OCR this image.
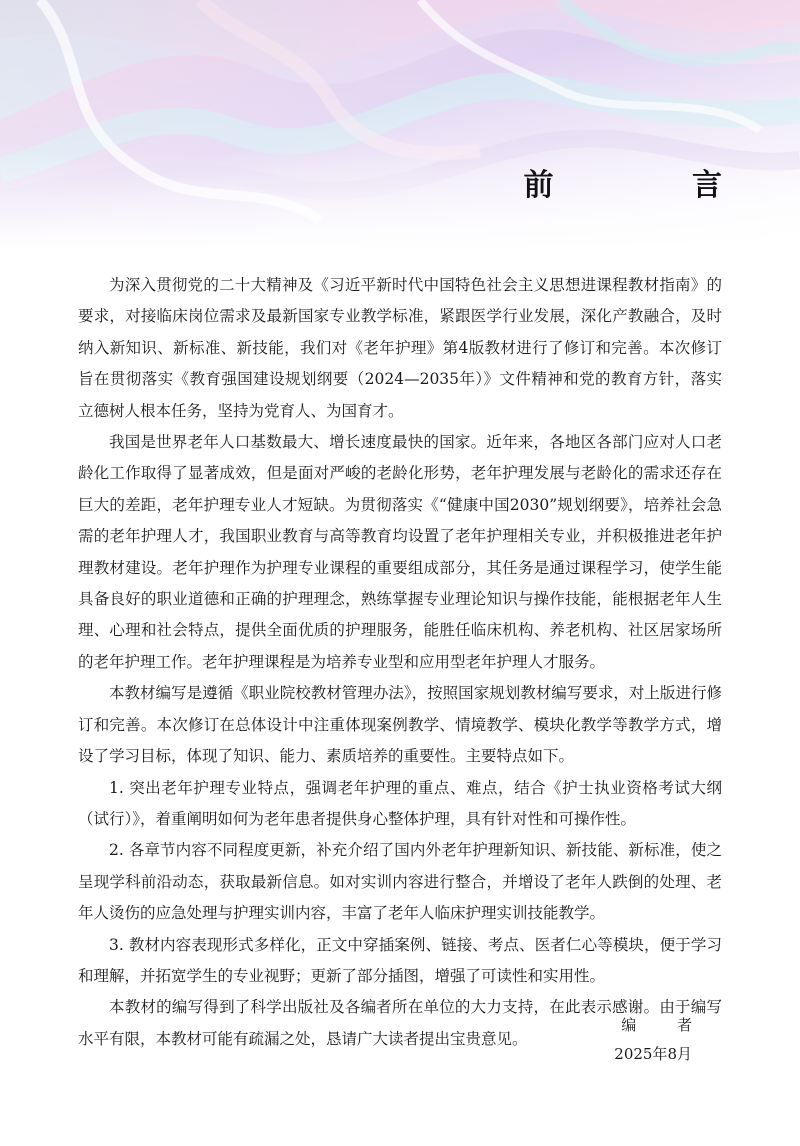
前 言

为深入贯彻党的二十大精神及《习近平新时代中国特色社会主义思想进课程教材指南》的要求，对接临床岗位需求及最新国家专业教学标准，紧跟医学行业发展，深化产教融合，及时纳入新知识、新标准、新技能，我们对《老年护理》第4版教材进行了修订和完善。本次修订旨在贯彻落实《教育强国建设规划纲要（2024—2035年）》文件精神和党的教育方针，落实立德树人根本任务，坚持为党育人、为国育才。

我国是世界老年人口基数最大、增长速度最快的国家。近年来，各地区各部门应对人口老龄化工作取得了显著成效，但是面对严峻的老龄化形势，老年护理发展与老龄化的需求还存在巨大的差距，老年护理专业人才短缺。为贯彻落实《“健康中国2030”规划纲要》，培养社会急需的老年护理人才，我国职业教育与高等教育均设置了老年护理相关专业，并积极推进老年护理教材建设。老年护理作为护理专业课程的重要组成部分，其任务是通过课程学习，使学生能具备良好的职业道德和正确的护理理念，熟练掌握专业理论知识与操作技能，能根据老年人生理、心理和社会特点，提供全面优质的护理服务，能胜任临床机构、养老机构、社区居家场所的老年护理工作。老年护理课程是为培养专业型和应用型老年护理人才服务。

本教材编写是遵循《职业院校教材管理办法》，按照国家规划教材编写要求，对上版进行修订和完善。本次修订在总体设计中注重体现案例教学、情境教学、模块化教学等教学方式，增设了学习目标，体现了知识、能力、素质培养的重要性。主要特点如下。

1. 突出老年护理专业特点，强调老年护理的重点、难点，结合《护士执业资格考试大纲（试行）》，着重阐明如何为老年患者提供身心整体护理，具有针对性和可操作性。

2. 各章节内容不同程度更新，补充介绍了国内外老年护理新知识、新技能、新标准，使之呈现学科前沿动态，获取最新信息。如对实训内容进行整合，并增设了老年人跌倒的处理、老年人烫伤的应急处理与护理实训内容，丰富了老年人临床护理实训技能教学。

3. 教材内容表现形式多样化，正文中穿插案例、链接、考点、医者仁心等模块，便于学习和理解，并拓宽学生的专业视野；更新了部分插图，增强了可读性和实用性。

本教材的编写得到了科学出版社及各编者所在单位的大力支持，在此表示感谢。由于编写水平有限，本教材可能有疏漏之处，恳请广大读者提出宝贵意见。

编 者
2025年8月
